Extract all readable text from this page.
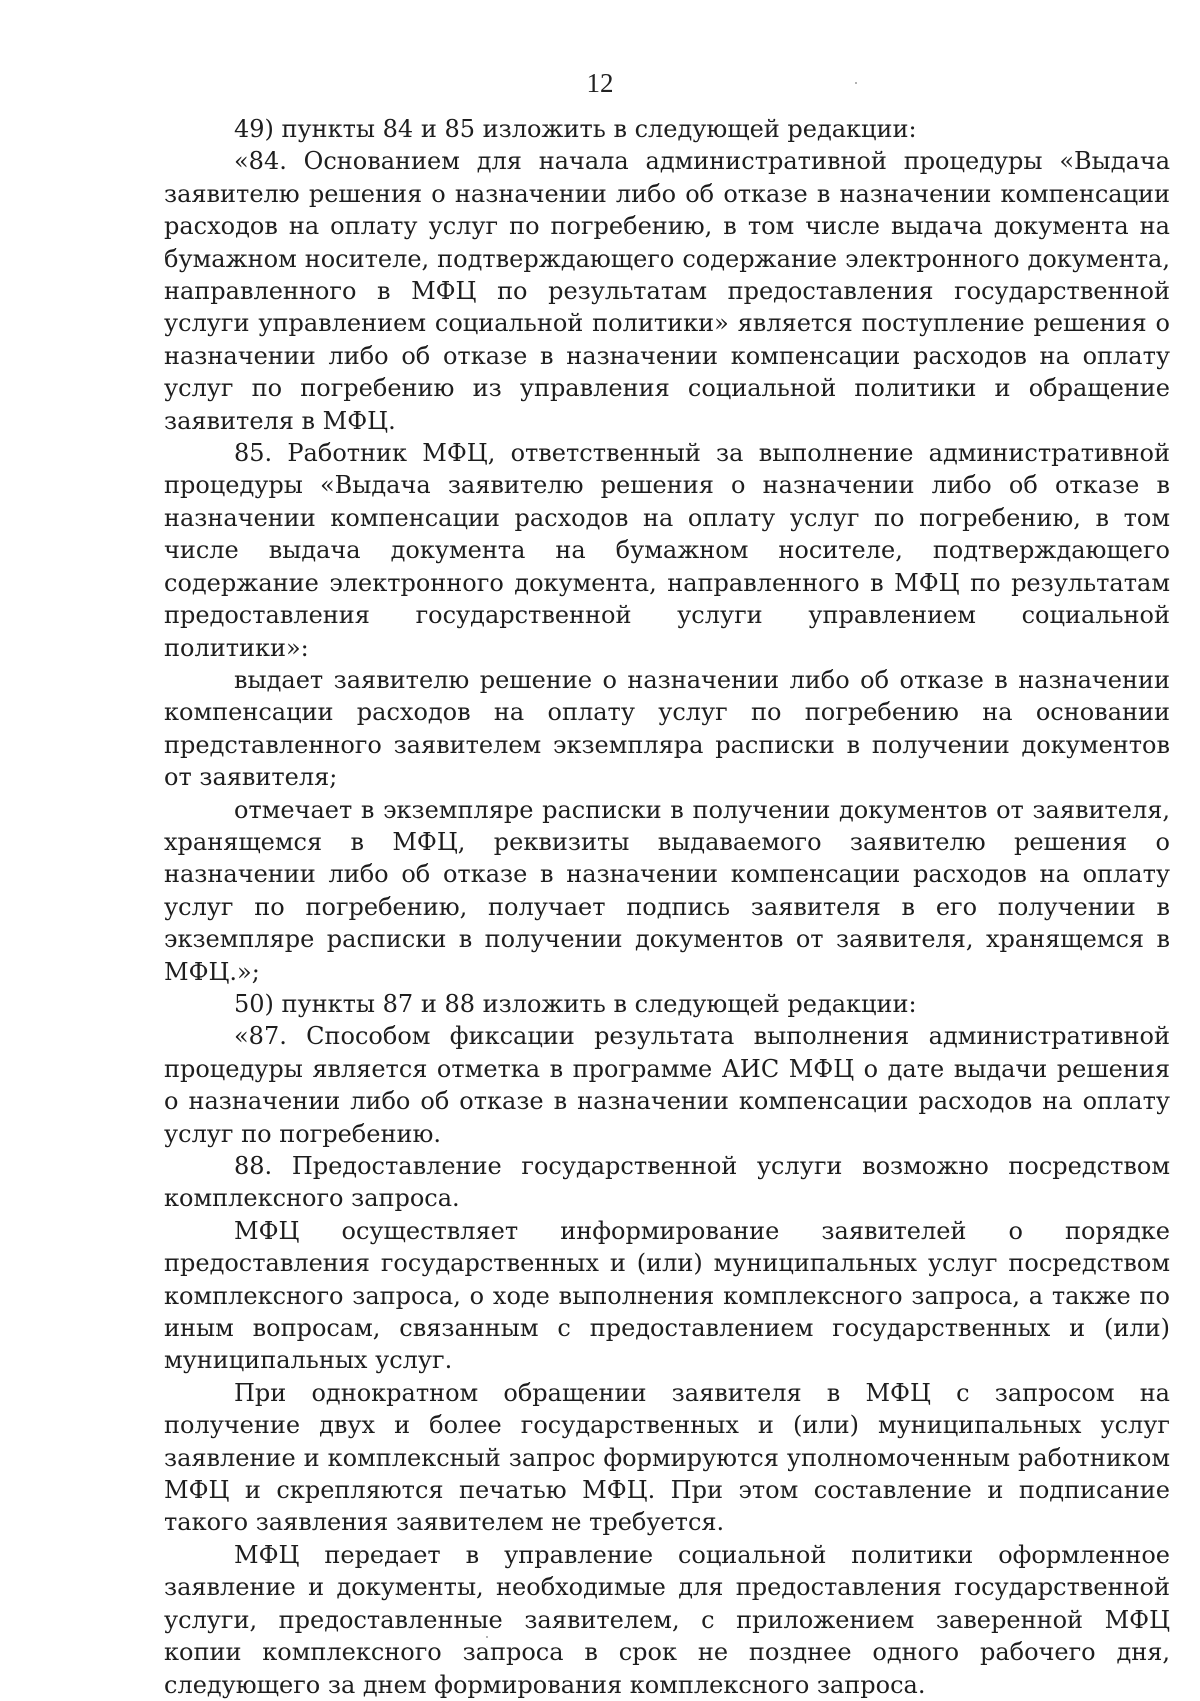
12

49) пункты 84 и 85 изложить в следующей редакции:

«84. Основанием для начала административной процедуры «Выдача заявителю решения о назначении либо об отказе в назначении компенсации расходов на оплату услуг по погребению, в том числе выдача документа на бумажном носителе, подтверждающего содержание электронного документа, направленного в МФЦ по результатам предоставления государственной услуги управлением социальной политики» является поступление решения о назначении либо об отказе в назначении компенсации расходов на оплату услуг по погребению из управления социальной политики и обращение заявителя в МФЦ.

85. Работник МФЦ, ответственный за выполнение административной процедуры «Выдача заявителю решения о назначении либо об отказе в назначении компенсации расходов на оплату услуг по погребению, в том числе выдача документа на бумажном носителе, подтверждающего содержание электронного документа, направленного в МФЦ по результатам предоставления государственной услуги управлением социальной политики»:

выдает заявителю решение о назначении либо об отказе в назначении компенсации расходов на оплату услуг по погребению на основании представленного заявителем экземпляра расписки в получении документов от заявителя;

отмечает в экземпляре расписки в получении документов от заявителя, хранящемся в МФЦ, реквизиты выдаваемого заявителю решения о назначении либо об отказе в назначении компенсации расходов на оплату услуг по погребению, получает подпись заявителя в его получении в экземпляре расписки в получении документов от заявителя, хранящемся в МФЦ.»;

50) пункты 87 и 88 изложить в следующей редакции:

«87. Способом фиксации результата выполнения административной процедуры является отметка в программе АИС МФЦ о дате выдачи решения о назначении либо об отказе в назначении компенсации расходов на оплату услуг по погребению.

88. Предоставление государственной услуги возможно посредством комплексного запроса.

МФЦ осуществляет информирование заявителей о порядке предоставления государственных и (или) муниципальных услуг посредством комплексного запроса, о ходе выполнения комплексного запроса, а также по иным вопросам, связанным с предоставлением государственных и (или) муниципальных услуг.

При однократном обращении заявителя в МФЦ с запросом на получение двух и более государственных и (или) муниципальных услуг заявление и комплексный запрос формируются уполномоченным работником МФЦ и скрепляются печатью МФЦ. При этом составление и подписание такого заявления заявителем не требуется.

МФЦ передает в управление социальной политики оформленное заявление и документы, необходимые для предоставления государственной услуги, предоставленные заявителем, с приложением заверенной МФЦ копии комплексного запроса в срок не позднее одного рабочего дня, следующего за днем формирования комплексного запроса.
